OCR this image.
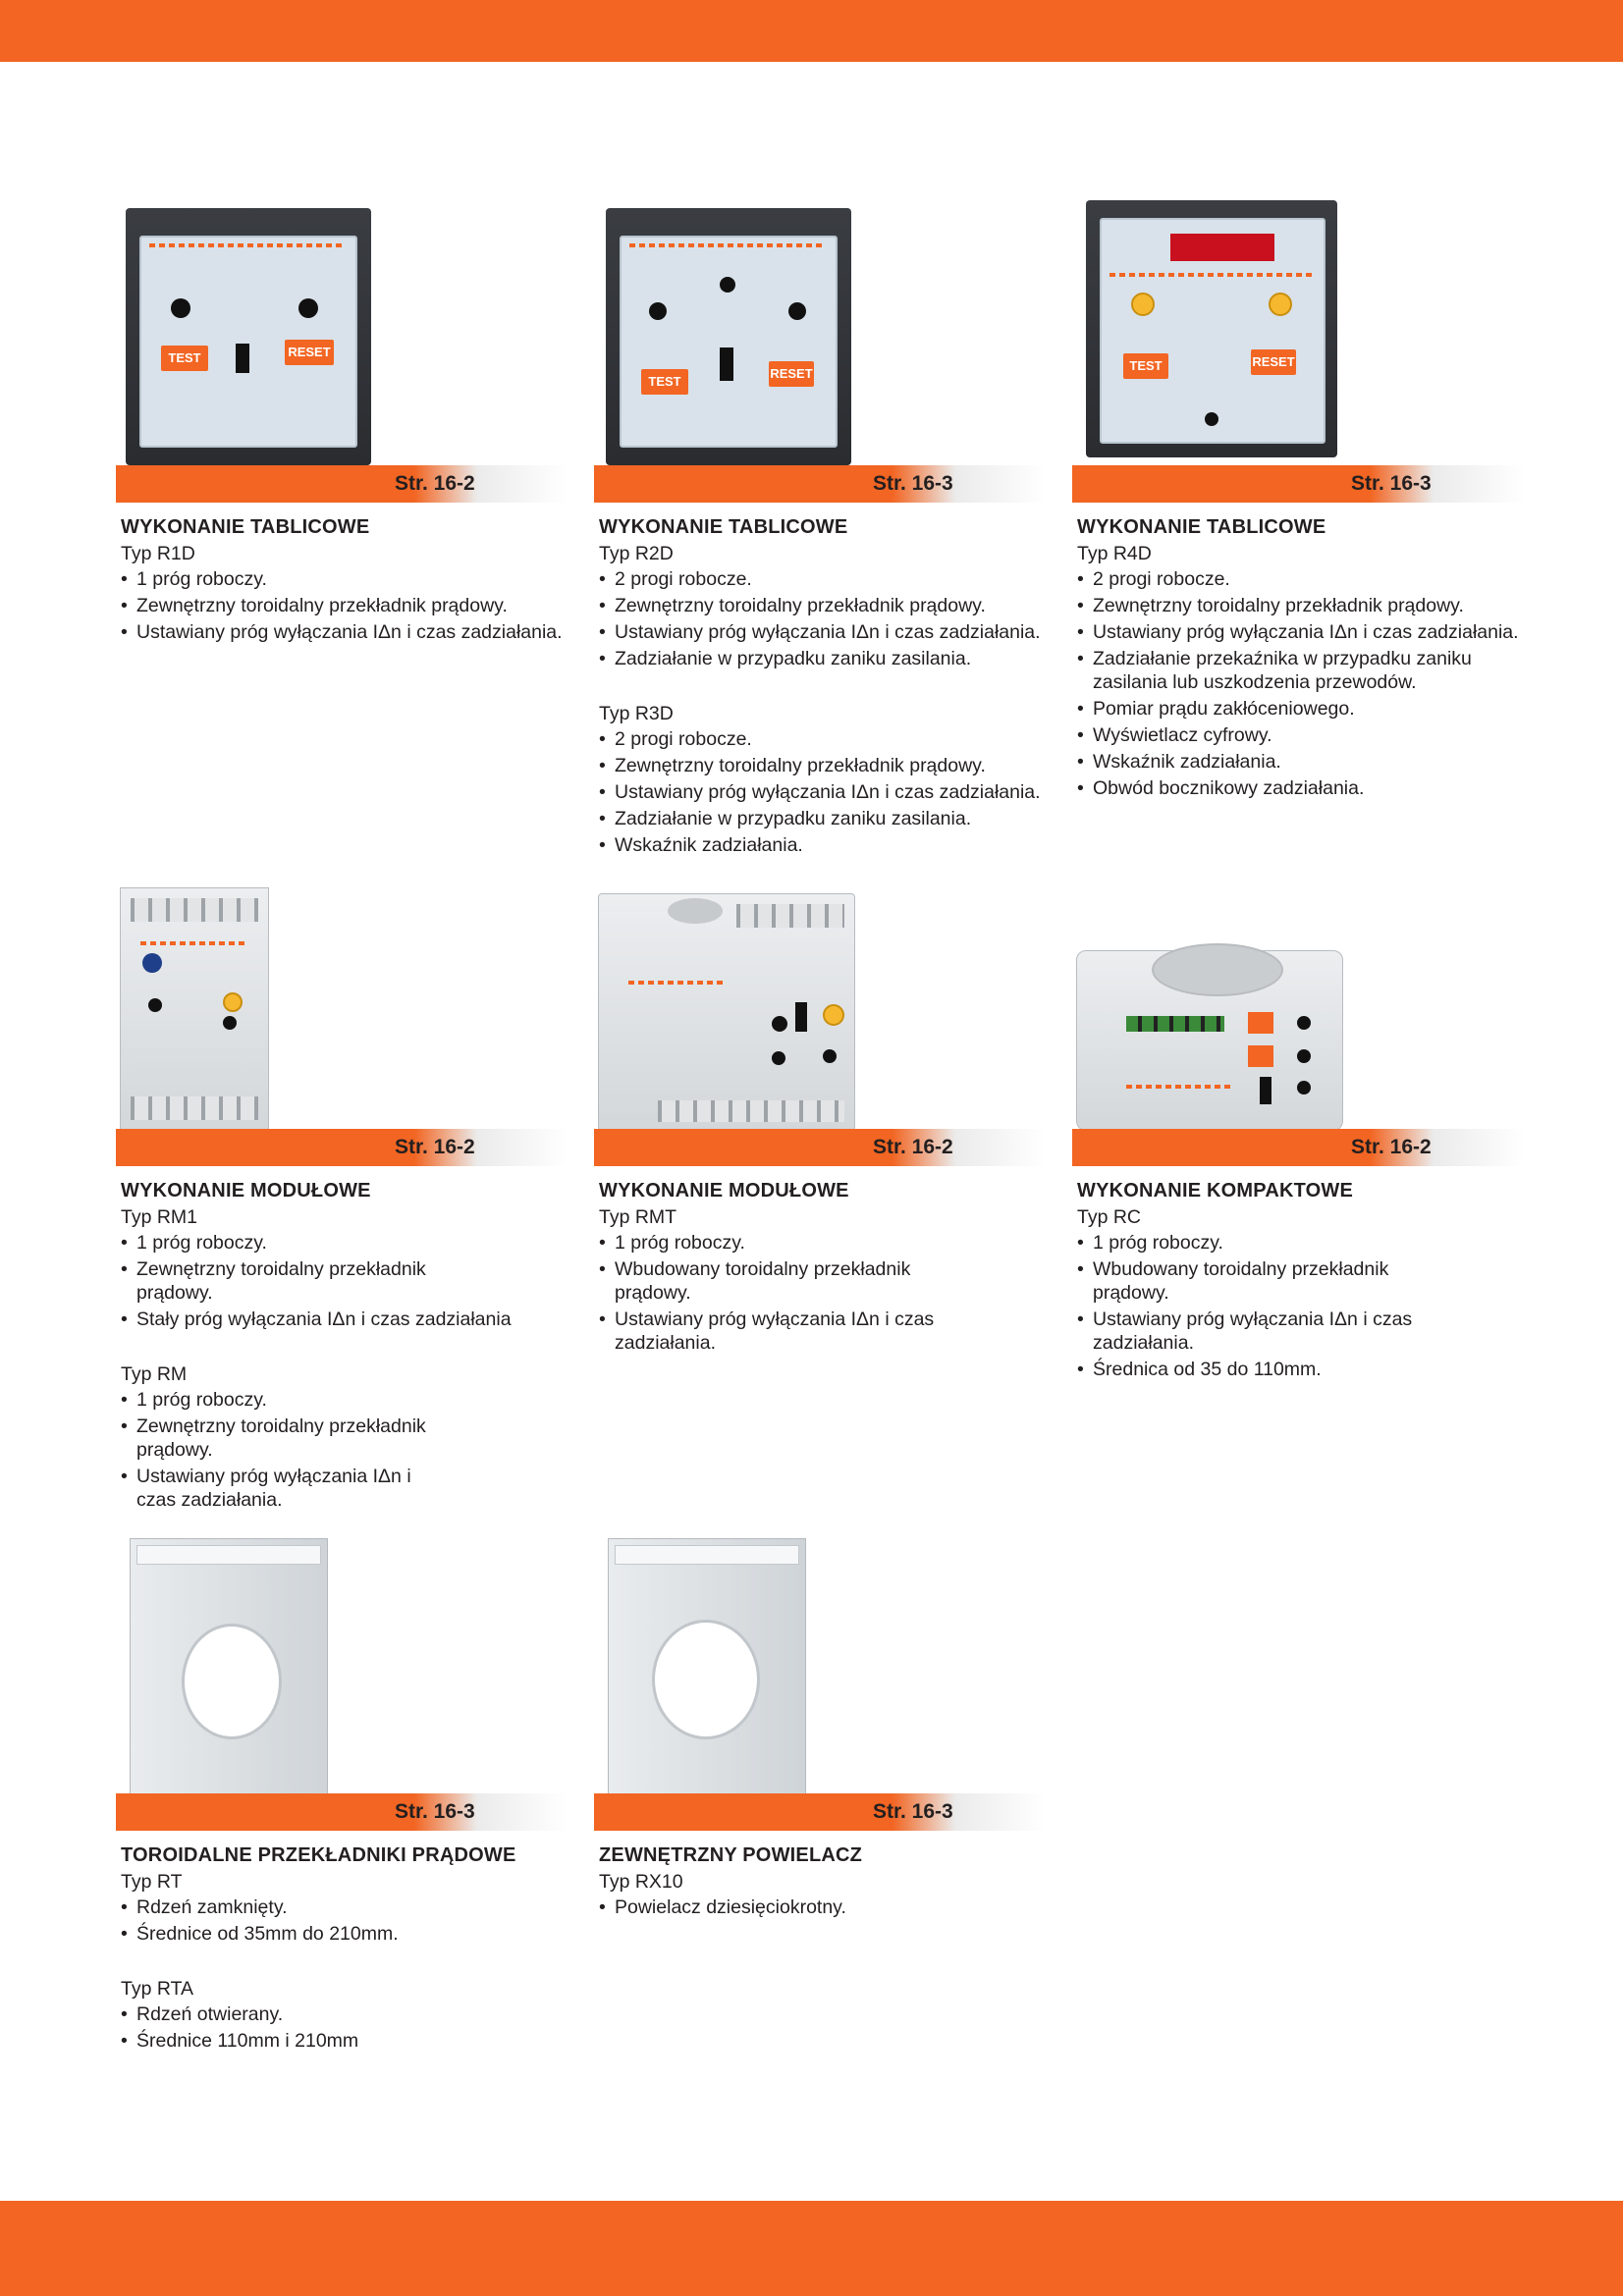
TEST	RESET
Str. 16-2
WYKONANIE TABLICOWE
Typ R1D
• 1 próg roboczy.
• Zewnętrzny toroidalny przekładnik prądowy.
• Ustawiany próg wyłączania IΔn i czas zadziałania.
TEST
RESET
Str. 16-3
WYKONANIE TABLICOWE
Typ R2D
• 2 progi robocze.
• Zewnętrzny toroidalny przekładnik prądowy.
• Ustawiany próg wyłączania IΔn i czas zadziałania.
• Zadziałanie w przypadku zaniku zasilania.
Typ R3D
• 2 progi robocze.
• Zewnętrzny toroidalny przekładnik prądowy.
• Ustawiany próg wyłączania IΔn i czas zadziałania.
• Zadziałanie w przypadku zaniku zasilania.
• Wskaźnik zadziałania.
TEST	RESET
Str. 16-3
WYKONANIE TABLICOWE
Typ R4D
• 2 progi robocze.
• Zewnętrzny toroidalny przekładnik prądowy.
• Ustawiany próg wyłączania IΔn i czas zadziałania.
• Zadziałanie przekaźnika w przypadku zaniku zasilania lub uszkodzenia przewodów.
• Pomiar prądu zakłóceniowego.
• Wyświetlacz cyfrowy.
• Wskaźnik zadziałania.
• Obwód bocznikowy zadziałania.
Str. 16-2
WYKONANIE MODUŁOWE
Typ RM1
• 1 próg roboczy.
• Zewnętrzny toroidalny przekładnik prądowy.
• Stały próg wyłączania IΔn i czas zadziałania
Typ RM
• 1 próg roboczy.
• Zewnętrzny toroidalny przekładnik prądowy.
• Ustawiany próg wyłączania IΔn i czas zadziałania.
Str. 16-2
WYKONANIE MODUŁOWE
Typ RMT
• 1 próg roboczy.
• Wbudowany toroidalny przekładnik prądowy.
• Ustawiany próg wyłączania IΔn i czas zadziałania.
Str. 16-2
WYKONANIE KOMPAKTOWE
Typ RC
• 1 próg roboczy.
• Wbudowany toroidalny przekładnik prądowy.
• Ustawiany próg wyłączania IΔn i czas zadziałania.
• Średnica od 35 do 110mm.
Str. 16-3
TOROIDALNE PRZEKŁADNIKI PRĄDOWE
Typ RT
• Rdzeń zamknięty.
• Średnice od 35mm do 210mm.
Typ RTA
• Rdzeń otwierany.
• Średnice 110mm i 210mm
Str. 16-3
ZEWNĘTRZNY POWIELACZ
Typ RX10
• Powielacz dziesięciokrotny.
